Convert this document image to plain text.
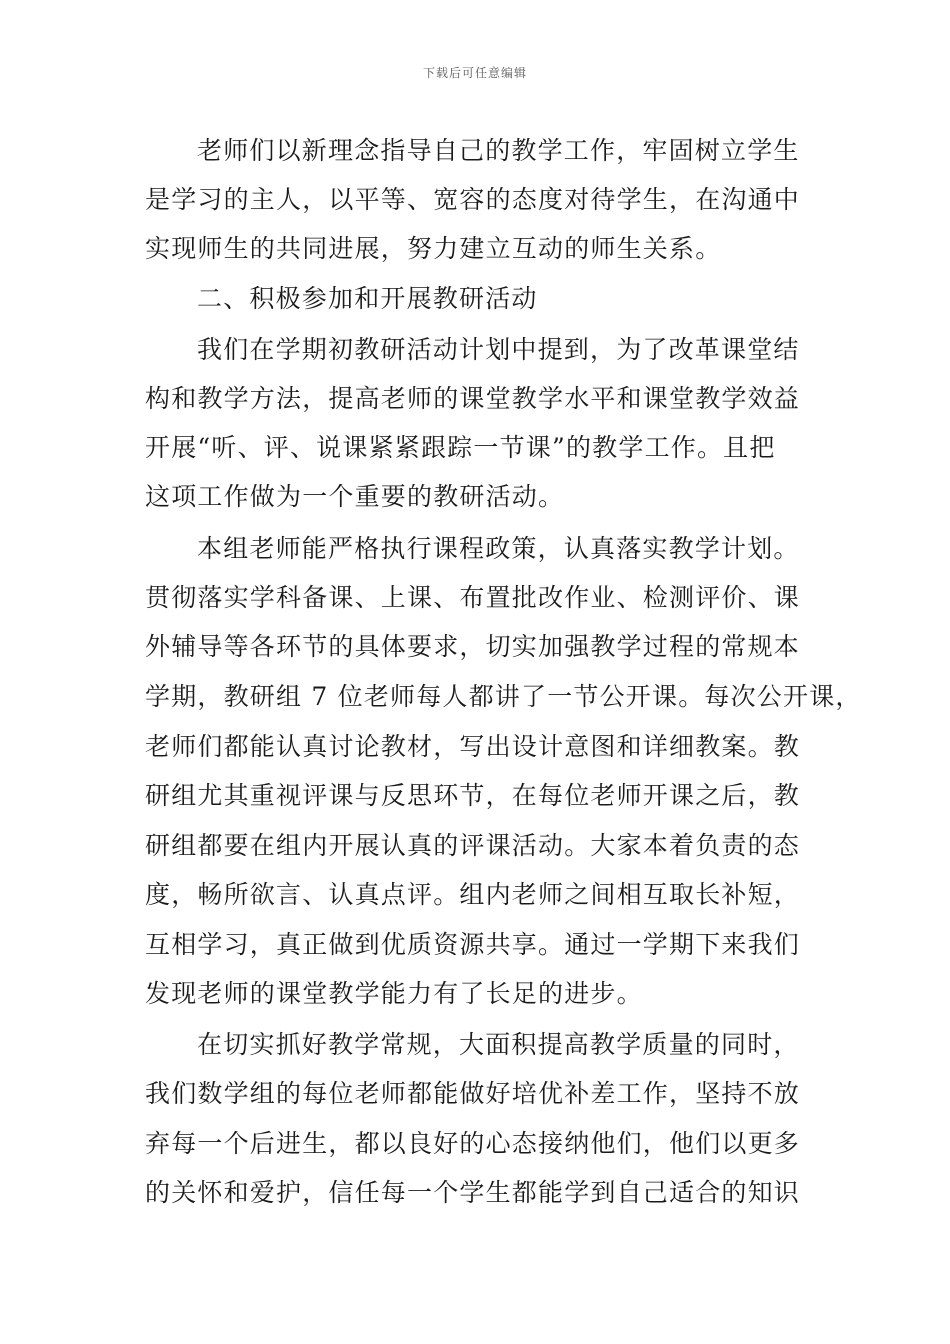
下载后可任意编辑
老师们以新理念指导自己的教学工作，牢固树立学生
是学习的主人，以平等、宽容的态度对待学生，在沟通中
实现师生的共同进展，努力建立互动的师生关系。
二、积极参加和开展教研活动
我们在学期初教研活动计划中提到，为了改革课堂结
构和教学方法，提高老师的课堂教学水平和课堂教学效益
开展“听、评、说课紧紧跟踪一节课”的教学工作。且把
这项工作做为一个重要的教研活动。
本组老师能严格执行课程政策，认真落实教学计划。
贯彻落实学科备课、上课、布置批改作业、检测评价、课
外辅导等各环节的具体要求，切实加强教学过程的常规本
学期，教研组 7 位老师每人都讲了一节公开课。每次公开课，
老师们都能认真讨论教材，写出设计意图和详细教案。教
研组尤其重视评课与反思环节，在每位老师开课之后，教
研组都要在组内开展认真的评课活动。大家本着负责的态
度，畅所欲言、认真点评。组内老师之间相互取长补短，
互相学习，真正做到优质资源共享。通过一学期下来我们
发现老师的课堂教学能力有了长足的进步。
在切实抓好教学常规，大面积提高教学质量的同时，
我们数学组的每位老师都能做好培优补差工作，坚持不放
弃每一个后进生，都以良好的心态接纳他们，他们以更多
的关怀和爱护，信任每一个学生都能学到自己适合的知识
